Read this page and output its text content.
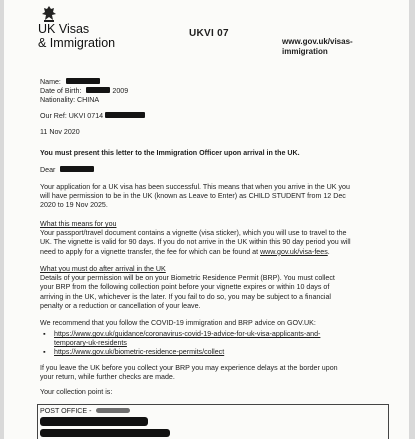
UK Visas
& Immigration
UKVI 07
www.gov.uk/visas-
immigration
Name:
Date of Birth:	2009
Nationality: CHINA
Our Ref: UKVI 0714
11 Nov 2020
You must present this letter to the Immigration Officer upon arrival in the UK.
Dear
Your application for a UK visa has been successful. This means that when you arrive in the UK you
will have permission to be in the UK (known as Leave to Enter) as CHILD STUDENT from 12 Dec
2020 to 19 Nov 2025.
What this means for you
Your passport/travel document contains a vignette (visa sticker), which you will use to travel to the
UK. The vignette is valid for 90 days. If you do not arrive in the UK within this 90 day period you will
need to apply for a vignette transfer, the fee for which can be found at www.gov.uk/visa-fees.
What you must do after arrival in the UK
Details of your permission will be on your Biometric Residence Permit (BRP). You must collect
your BRP from the following collection point before your vignette expires or within 10 days of
arriving in the UK, whichever is the later. If you fail to do so, you may be subject to a financial
penalty or a reduction or cancellation of your leave.
We recommend that you follow the COVID-19 immigration and BRP advice on GOV.UK:
▪ https://www.gov.uk/guidance/coronavirus-covid-19-advice-for-uk-visa-applicants-and-
temporary-uk-residents
▪ https://www.gov.uk/biometric-residence-permits/collect
If you leave the UK before you collect your BRP you may experience delays at the border upon
your return, while further checks are made.
Your collection point is:
POST OFFICE -
